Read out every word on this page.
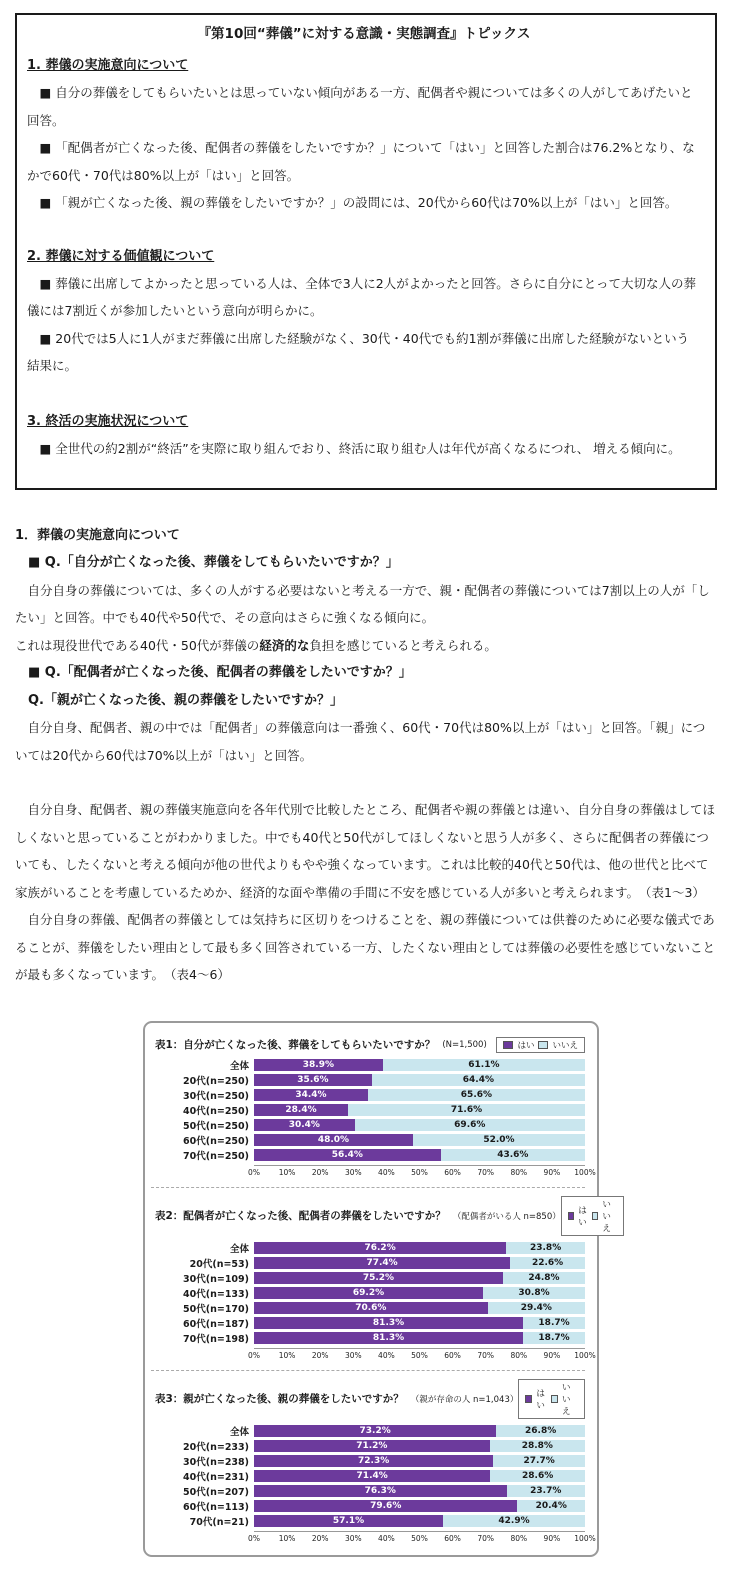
『第10回“葬儀”に対する意識・実態調査』トピックス

1. 葬儀の実施意向について

　■ 自分の葬儀をしてもらいたいとは思っていない傾向がある一方、配偶者や親については多くの人がしてあげたいと回答。

　■ 「配偶者が亡くなった後、配偶者の葬儀をしたいですか？」について「はい」と回答した割合は76.2%となり、なかで60代・70代は80%以上が「はい」と回答。

　■ 「親が亡くなった後、親の葬儀をしたいですか？」の設問には、20代から60代は70%以上が「はい」と回答。

2. 葬儀に対する価値観について

　■ 葬儀に出席してよかったと思っている人は、全体で3人に2人がよかったと回答。さらに自分にとって大切な人の葬儀には7割近くが参加したいという意向が明らかに。

　■ 20代では5人に1人がまだ葬儀に出席した経験がなく、30代・40代でも約1割が葬儀に出席した経験がないという結果に。

3. 終活の実施状況について

　■ 全世代の約2割が“終活”を実際に取り組んでおり、終活に取り組む人は年代が高くなるにつれ、 増える傾向に。

1．葬儀の実施意向について

　■ Q.「自分が亡くなった後、葬儀をしてもらいたいですか？」

　自分自身の葬儀については、多くの人がする必要はないと考える一方で、親・配偶者の葬儀については7割以上の人が「したい」と回答。中でも40代や50代で、その意向はさらに強くなる傾向に。

これは現役世代である40代・50代が葬儀の経済的な負担を感じていると考えられる。

　■ Q.「配偶者が亡くなった後、配偶者の葬儀をしたいですか？」

　Q.「親が亡くなった後、親の葬儀をしたいですか？」

　自分自身、配偶者、親の中では「配偶者」の葬儀意向は一番強く、60代・70代は80%以上が「はい」と回答。「親」については20代から60代は70%以上が「はい」と回答。

　自分自身、配偶者、親の葬儀実施意向を各年代別で比較したところ、配偶者や親の葬儀とは違い、自分自身の葬儀はしてほしくないと思っていることがわかりました。中でも40代と50代がしてほしくないと思う人が多く、さらに配偶者の葬儀についても、したくないと考える傾向が他の世代よりもやや強くなっています。これは比較的40代と50代は、他の世代と比べて家族がいることを考慮しているためか、経済的な面や準備の手間に不安を感じている人が多いと考えられます。　（表1～3）

　自分自身の葬儀、配偶者の葬儀としては気持ちに区切りをつけることを、親の葬儀については供養のために必要な儀式であることが、葬儀をしたい理由として最も多く回答されている一方、したくない理由としては葬儀の必要性を感じていないことが最も多くなっています。　（表4～6）

表1：自分が亡くなった後、葬儀をしてもらいたいですか？ (N=1,500)	はい いいえ
全体	38.9%	61.1%
20代(n=250)	35.6%	64.4%
30代(n=250)	34.4%	65.6%
40代(n=250)	28.4%	71.6%
50代(n=250)	30.4%	69.6%
60代(n=250)	48.0%	52.0%
70代(n=250)	56.4%	43.6%
0%	10% 20% 30% 40% 50% 60% 70% 80% 90% 100%
表2：配偶者が亡くなった後、配偶者の葬儀をしたいですか？ （配偶者がいる人 n=850）
はい
いいえ
全体	76.2%	23.8%
20代(n=53)	77.4%	22.6%
30代(n=109)	75.2%	24.8%
40代(n=133)	69.2%	30.8%
50代(n=170)	70.6%	29.4%
60代(n=187)	81.3%	18.7%
70代(n=198)	81.3%	18.7%
0%	10% 20% 30% 40% 50% 60% 70% 80% 90% 100%
表3：親が亡くなった後、親の葬儀をしたいですか？ （親が存命の人 n=1,043）
はい
いいえ
全体	73.2%	26.8%
20代(n=233)	71.2%	28.8%
30代(n=238)	72.3%	27.7%
40代(n=231)	71.4%	28.6%
50代(n=207)	76.3%	23.7%
60代(n=113)	79.6%	20.4%
70代(n=21)	57.1%	42.9%
0%	10% 20% 30% 40% 50% 60% 70% 80% 90% 100%
